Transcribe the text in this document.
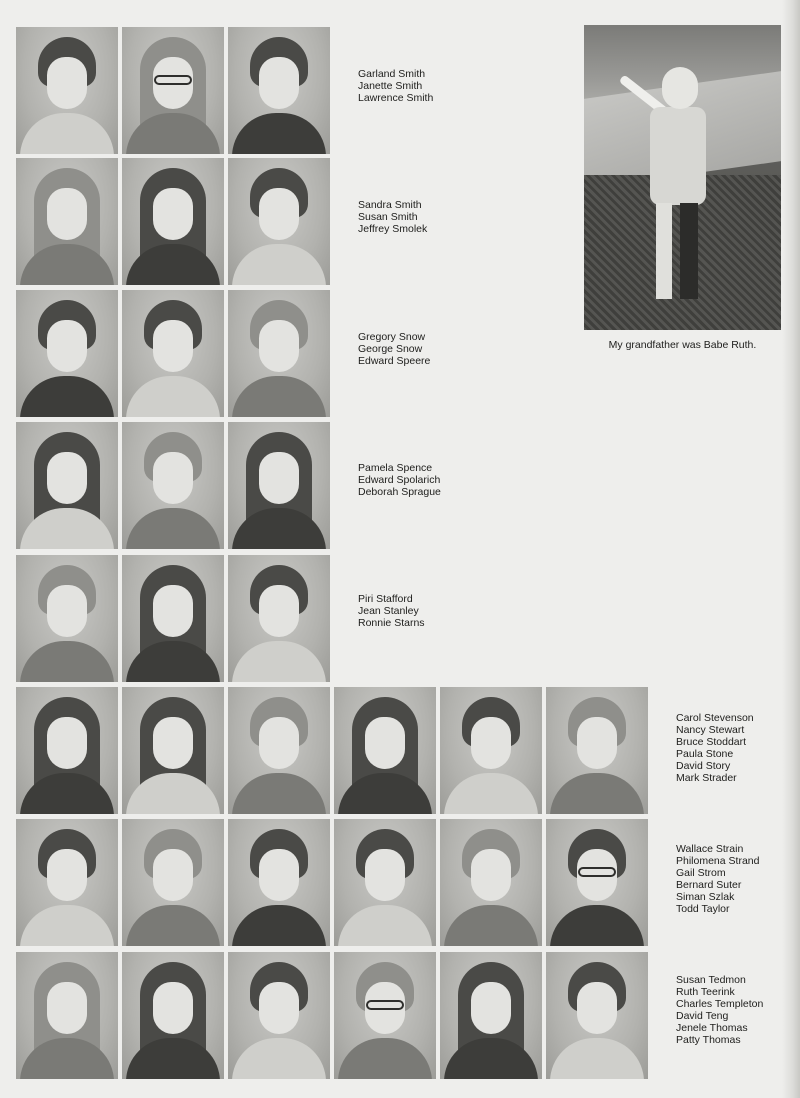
Garland Smith
Janette Smith
Lawrence Smith
Sandra Smith
Susan Smith
Jeffrey Smolek
Gregory Snow
George Snow
Edward Speere
Pamela Spence
Edward Spolarich
Deborah Sprague
Piri Stafford
Jean Stanley
Ronnie Starns
Carol Stevenson
Nancy Stewart
Bruce Stoddart
Paula Stone
David Story
Mark Strader
Wallace Strain
Philomena Strand
Gail Strom
Bernard Suter
Siman Szlak
Todd Taylor
Susan Tedmon
Ruth Teerink
Charles Templeton
David Teng
Jenele Thomas
Patty Thomas
My grandfather was Babe Ruth.
